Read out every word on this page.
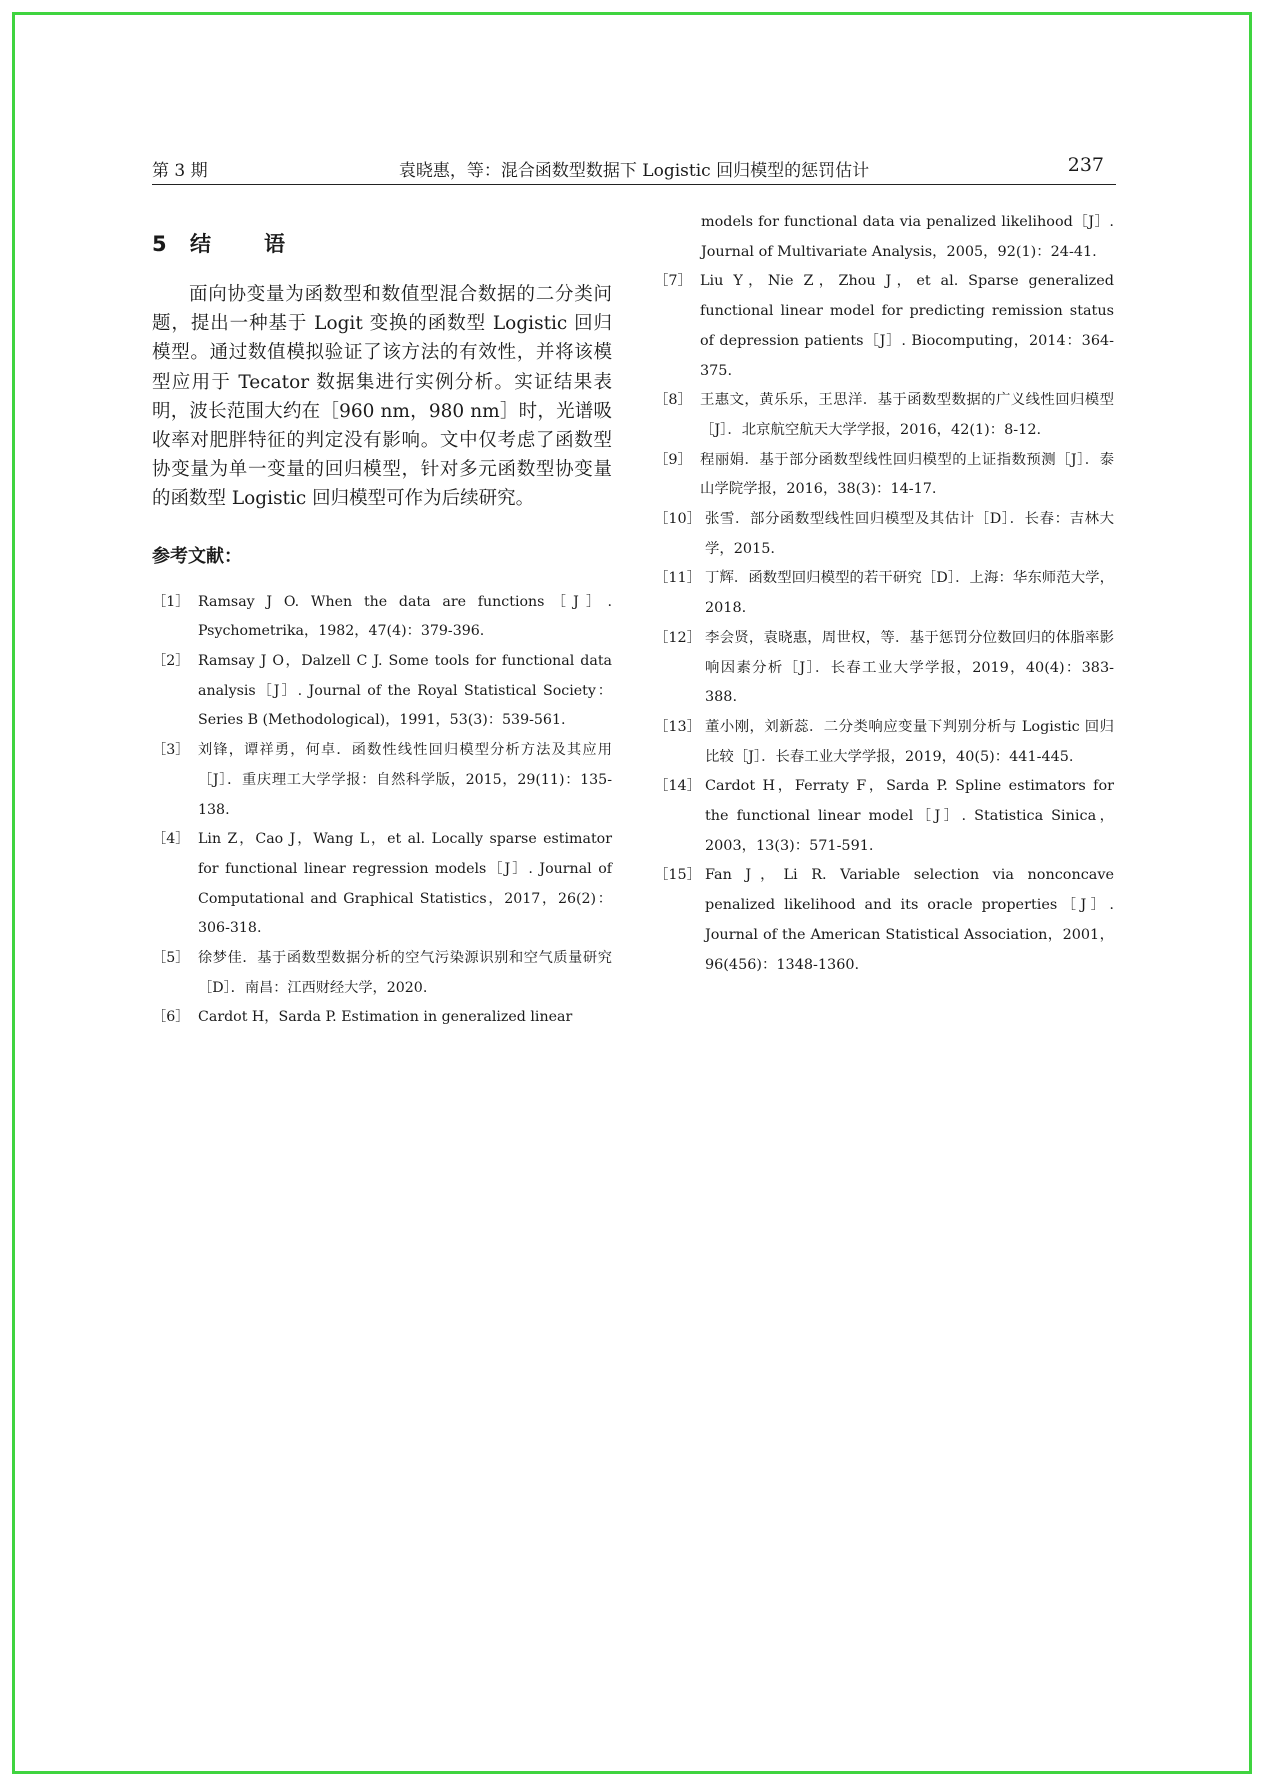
第 3 期	袁晓惠，等：混合函数型数据下 Logistic 回归模型的惩罚估计	237
5 结　语

面向协变量为函数型和数值型混合数据的二分类问题，提出一种基于 Logit 变换的函数型 Logistic 回归模型。通过数值模拟验证了该方法的有效性，并将该模型应用于 Tecator 数据集进行实例分析。实证结果表明，波长范围大约在［960 nm，980 nm］时，光谱吸收率对肥胖特征的判定没有影响。文中仅考虑了函数型协变量为单一变量的回归模型，针对多元函数型协变量的函数型 Logistic 回归模型可作为后续研究。

参考文献：
［1］ Ramsay J O. When the data are functions［J］. Psychometrika，1982，47(4)：379-396.
［2］ Ramsay J O，Dalzell C J. Some tools for functional data analysis［J］. Journal of the Royal Statistical Society：Series B (Methodological)，1991，53(3)：539-561.
［3］ 刘锋，谭祥勇，何卓．函数性线性回归模型分析方法及其应用［J］．重庆理工大学学报：自然科学版，2015，29(11)：135-138.
［4］ Lin Z，Cao J，Wang L，et al. Locally sparse estimator for functional linear regression models［J］. Journal of Computational and Graphical Statistics，2017，26(2)：306-318.
［5］ 徐梦佳．基于函数型数据分析的空气污染源识别和空气质量研究［D］．南昌：江西财经大学，2020.
［6］ Cardot H，Sarda P. Estimation in generalized linear
models for functional data via penalized likelihood［J］. Journal of Multivariate Analysis，2005，92(1)：24-41.
［7］ Liu Y，Nie Z，Zhou J，et al. Sparse generalized functional linear model for predicting remission status of depression patients［J］. Biocomputing，2014：364-375.
［8］ 王惠文，黄乐乐，王思洋．基于函数型数据的广义线性回归模型［J］．北京航空航天大学学报，2016，42(1)：8-12.
［9］ 程丽娟．基于部分函数型线性回归模型的上证指数预测［J］．泰山学院学报，2016，38(3)：14-17.
［10］ 张雪．部分函数型线性回归模型及其估计［D］．长春：吉林大学，2015.
［11］ 丁辉．函数型回归模型的若干研究［D］．上海：华东师范大学，2018.
［12］ 李会贤，袁晓惠，周世权，等．基于惩罚分位数回归的体脂率影响因素分析［J］．长春工业大学学报，2019，40(4)：383-388.
［13］ 董小刚，刘新蕊．二分类响应变量下判别分析与 Logistic 回归比较［J］．长春工业大学学报，2019，40(5)：441-445.
［14］ Cardot H，Ferraty F，Sarda P. Spline estimators for the functional linear model［J］. Statistica Sinica，2003，13(3)：571-591.
［15］ Fan J，Li R. Variable selection via nonconcave penalized likelihood and its oracle properties［J］. Journal of the American Statistical Association，2001，96(456)：1348-1360.
